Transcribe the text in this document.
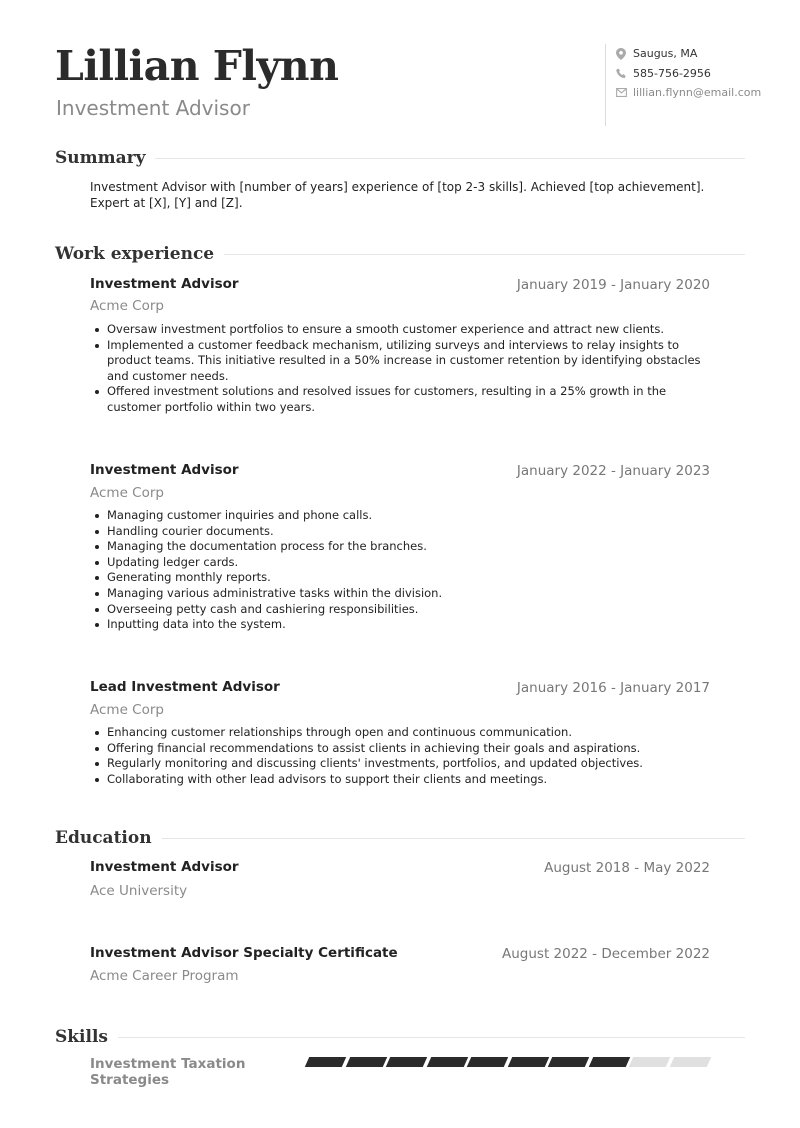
Lillian Flynn
Investment Advisor
Saugus, MA
585-756-2956
lillian.flynn@email.com
Summary
Investment Advisor with [number of years] experience of [top 2-3 skills]. Achieved [top achievement]. Expert at [X], [Y] and [Z].
Work experience
Investment Advisor	January 2019 - January 2020
Acme Corp
Oversaw investment portfolios to ensure a smooth customer experience and attract new clients.
Implemented a customer feedback mechanism, utilizing surveys and interviews to relay insights to product teams. This initiative resulted in a 50% increase in customer retention by identifying obstacles and customer needs.
Offered investment solutions and resolved issues for customers, resulting in a 25% growth in the customer portfolio within two years.
Investment Advisor	January 2022 - January 2023
Acme Corp
Managing customer inquiries and phone calls.
Handling courier documents.
Managing the documentation process for the branches.
Updating ledger cards.
Generating monthly reports.
Managing various administrative tasks within the division.
Overseeing petty cash and cashiering responsibilities.
Inputting data into the system.
Lead Investment Advisor	January 2016 - January 2017
Acme Corp
Enhancing customer relationships through open and continuous communication.
Offering financial recommendations to assist clients in achieving their goals and aspirations.
Regularly monitoring and discussing clients' investments, portfolios, and updated objectives.
Collaborating with other lead advisors to support their clients and meetings.
Education
Investment Advisor	August 2018 - May 2022
Ace University
Investment Advisor Specialty Certificate	August 2022 - December 2022
Acme Career Program
Skills
Investment Taxation Strategies
